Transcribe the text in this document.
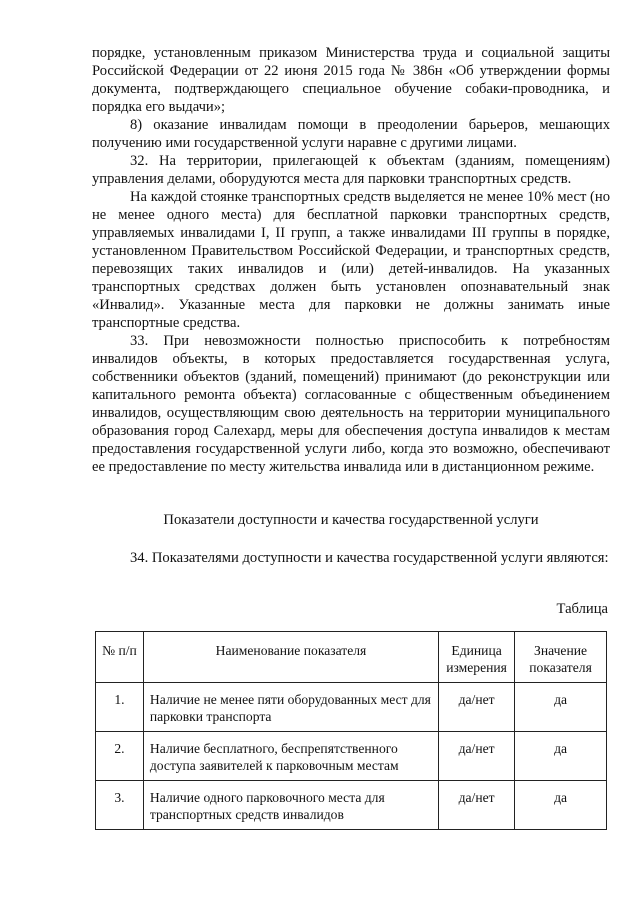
порядке, установленным приказом Министерства труда и социальной защиты Российской Федерации от 22 июня 2015 года № 386н «Об утверждении формы документа, подтверждающего специальное обучение собаки-проводника, и порядка его выдачи»;

8) оказание инвалидам помощи в преодолении барьеров, мешающих получению ими государственной услуги наравне с другими лицами.

32. На территории, прилегающей к объектам (зданиям, помещениям) управления делами, оборудуются места для парковки транспортных средств.

На каждой стоянке транспортных средств выделяется не менее 10% мест (но не менее одного места) для бесплатной парковки транспортных средств, управляемых инвалидами I, II групп, а также инвалидами III группы в порядке, установленном Правительством Российской Федерации, и транспортных средств, перевозящих таких инвалидов и (или) детей-инвалидов. На указанных транспортных средствах должен быть установлен опознавательный знак «Инвалид». Указанные места для парковки не должны занимать иные транспортные средства.

33. При невозможности полностью приспособить к потребностям инвалидов объекты, в которых предоставляется государственная услуга, собственники объектов (зданий, помещений) принимают (до реконструкции или капитального ремонта объекта) согласованные с общественным объединением инвалидов, осуществляющим свою деятельность на территории муниципального образования город Салехард, меры для обеспечения доступа инвалидов к местам предоставления государственной услуги либо, когда это возможно, обеспечивают ее предоставление по месту жительства инвалида или в дистанционном режиме.

Показатели доступности и качества государственной услуги
34. Показателями доступности и качества государственной услуги являются:
Таблица
№ п/п	Наименование показателя	Единица измерения	Значение показателя
1.	Наличие не менее пяти оборудованных мест для парковки транспорта	да/нет	да
2.	Наличие бесплатного, беспрепятственного доступа заявителей к парковочным местам	да/нет	да
3.	Наличие одного парковочного места для транспортных средств инвалидов	да/нет	да
